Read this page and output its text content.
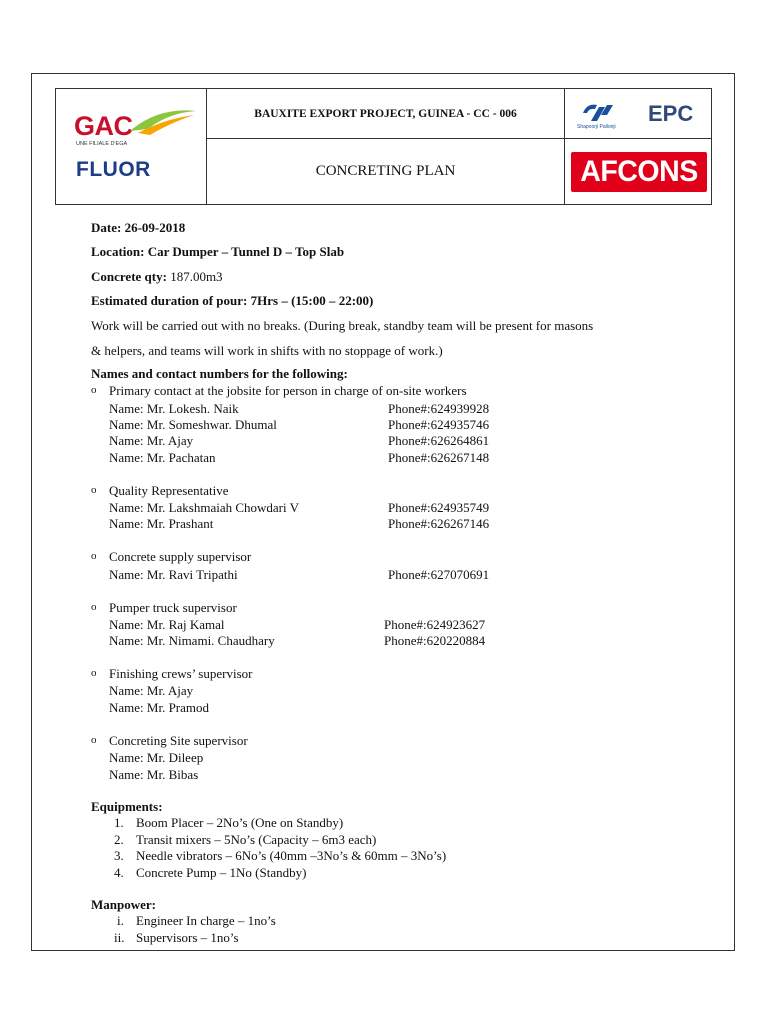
GAC
UNE FILIALE D'EGA
FLUOR
BAUXITE EXPORT PROJECT, GUINEA - CC - 006
CONCRETING PLAN
Shapoorji Pallonji
EPC
AFCONS
Date: 26-09-2018
Location: Car Dumper – Tunnel D – Top Slab
Concrete qty: 187.00m3
Estimated duration of pour: 7Hrs – (15:00 – 22:00)
Work will be carried out with no breaks. (During break, standby team will be present for masons
& helpers, and teams will work in shifts with no stoppage of work.)
Names and contact numbers for the following:
o Primary contact at the jobsite for person in charge of on-site workers
Name: Mr. Lokesh. Naik	Phone#:624939928
Name: Mr. Someshwar. Dhumal	Phone#:624935746
Name: Mr. Ajay	Phone#:626264861
Name: Mr. Pachatan	Phone#:626267148
o Quality Representative
Name: Mr. Lakshmaiah Chowdari V	Phone#:624935749
Name: Mr. Prashant	Phone#:626267146
o Concrete supply supervisor
Name: Mr. Ravi Tripathi	Phone#:627070691
o Pumper truck supervisor
Name: Mr. Raj Kamal	Phone#:624923627
Name: Mr. Nimami. Chaudhary	Phone#:620220884
o Finishing crews’ supervisor
Name: Mr. Ajay
Name: Mr. Pramod
o Concreting Site supervisor
Name: Mr. Dileep
Name: Mr. Bibas
Equipments:
1. Boom Placer – 2No’s (One on Standby)
2. Transit mixers – 5No’s (Capacity – 6m3 each)
3. Needle vibrators – 6No’s (40mm –3No’s & 60mm – 3No’s)
4. Concrete Pump – 1No (Standby)
Manpower:
i. Engineer In charge – 1no’s
ii. Supervisors – 1no’s
